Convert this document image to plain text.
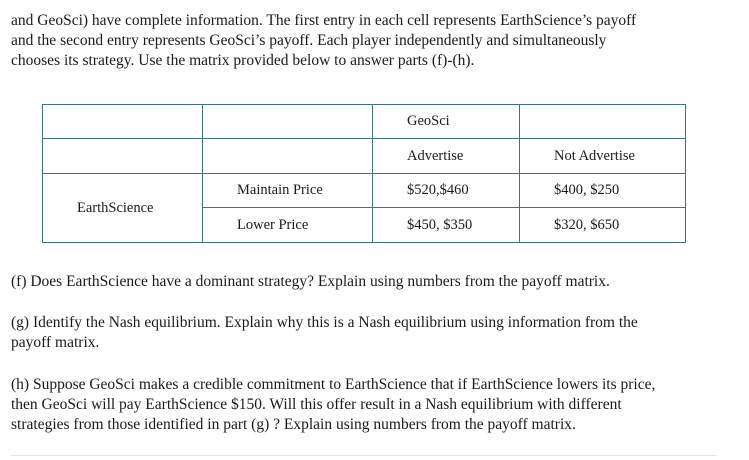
and GeoSci) have complete information. The first entry in each cell represents EarthScience’s payoff
and the second entry represents GeoSci’s payoff. Each player independently and simultaneously
chooses its strategy. Use the matrix provided below to answer parts (f)-(h).
		GeoSci	
		Advertise	Not Advertise
EarthScience	Maintain Price	$520,$460	$400, $250
	Lower Price	$450, $350	$320, $650
(f) Does EarthScience have a dominant strategy? Explain using numbers from the payoff matrix.
(g) Identify the Nash equilibrium. Explain why this is a Nash equilibrium using information from the
payoff matrix.
(h) Suppose GeoSci makes a credible commitment to EarthScience that if EarthScience lowers its price,
then GeoSci will pay EarthScience $150. Will this offer result in a Nash equilibrium with different
strategies from those identified in part (g) ? Explain using numbers from the payoff matrix.
